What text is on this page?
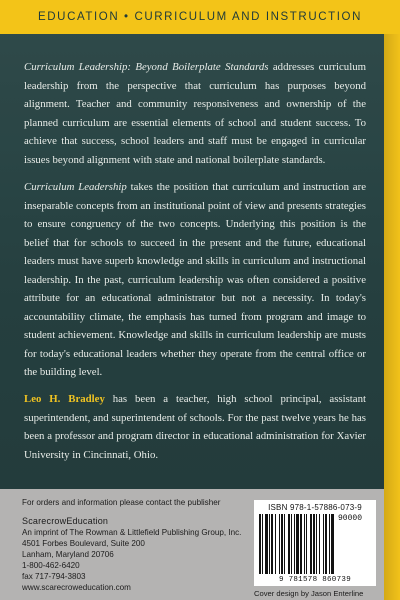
EDUCATION • CURRICULUM AND INSTRUCTION

Curriculum Leadership: Beyond Boilerplate Standards addresses curriculum leadership from the perspective that curriculum has purposes beyond alignment. Teacher and community responsiveness and ownership of the planned curriculum are essential elements of school and student success. To achieve that success, school leaders and staff must be engaged in curricular issues beyond alignment with state and national boilerplate standards.

Curriculum Leadership takes the position that curriculum and instruction are inseparable concepts from an institutional point of view and presents strategies to ensure congruency of the two concepts. Underlying this position is the belief that for schools to succeed in the present and the future, educational leaders must have superb knowledge and skills in curriculum and instructional leadership. In the past, curriculum leadership was often considered a positive attribute for an educational administrator but not a necessity. In today's accountability climate, the emphasis has turned from program and image to student achievement. Knowledge and skills in curriculum leadership are musts for today's educational leaders whether they operate from the central office or the building level.

Leo H. Bradley has been a teacher, high school principal, assistant superintendent, and superintendent of schools. For the past twelve years he has been a professor and program director in educational administration for Xavier University in Cincinnati, Ohio.

For orders and information please contact the publisher
ScarecrowEducation
An imprint of The Rowman & Littlefield Publishing Group, Inc.
4501 Forbes Boulevard, Suite 200
Lanham, Maryland 20706
1-800-462-6420
fax 717-794-3803
www.scarecroweducation.com
ISBN 978-1-57886-073-9
90000
9 781578 860739
Cover design by Jason Enterline
